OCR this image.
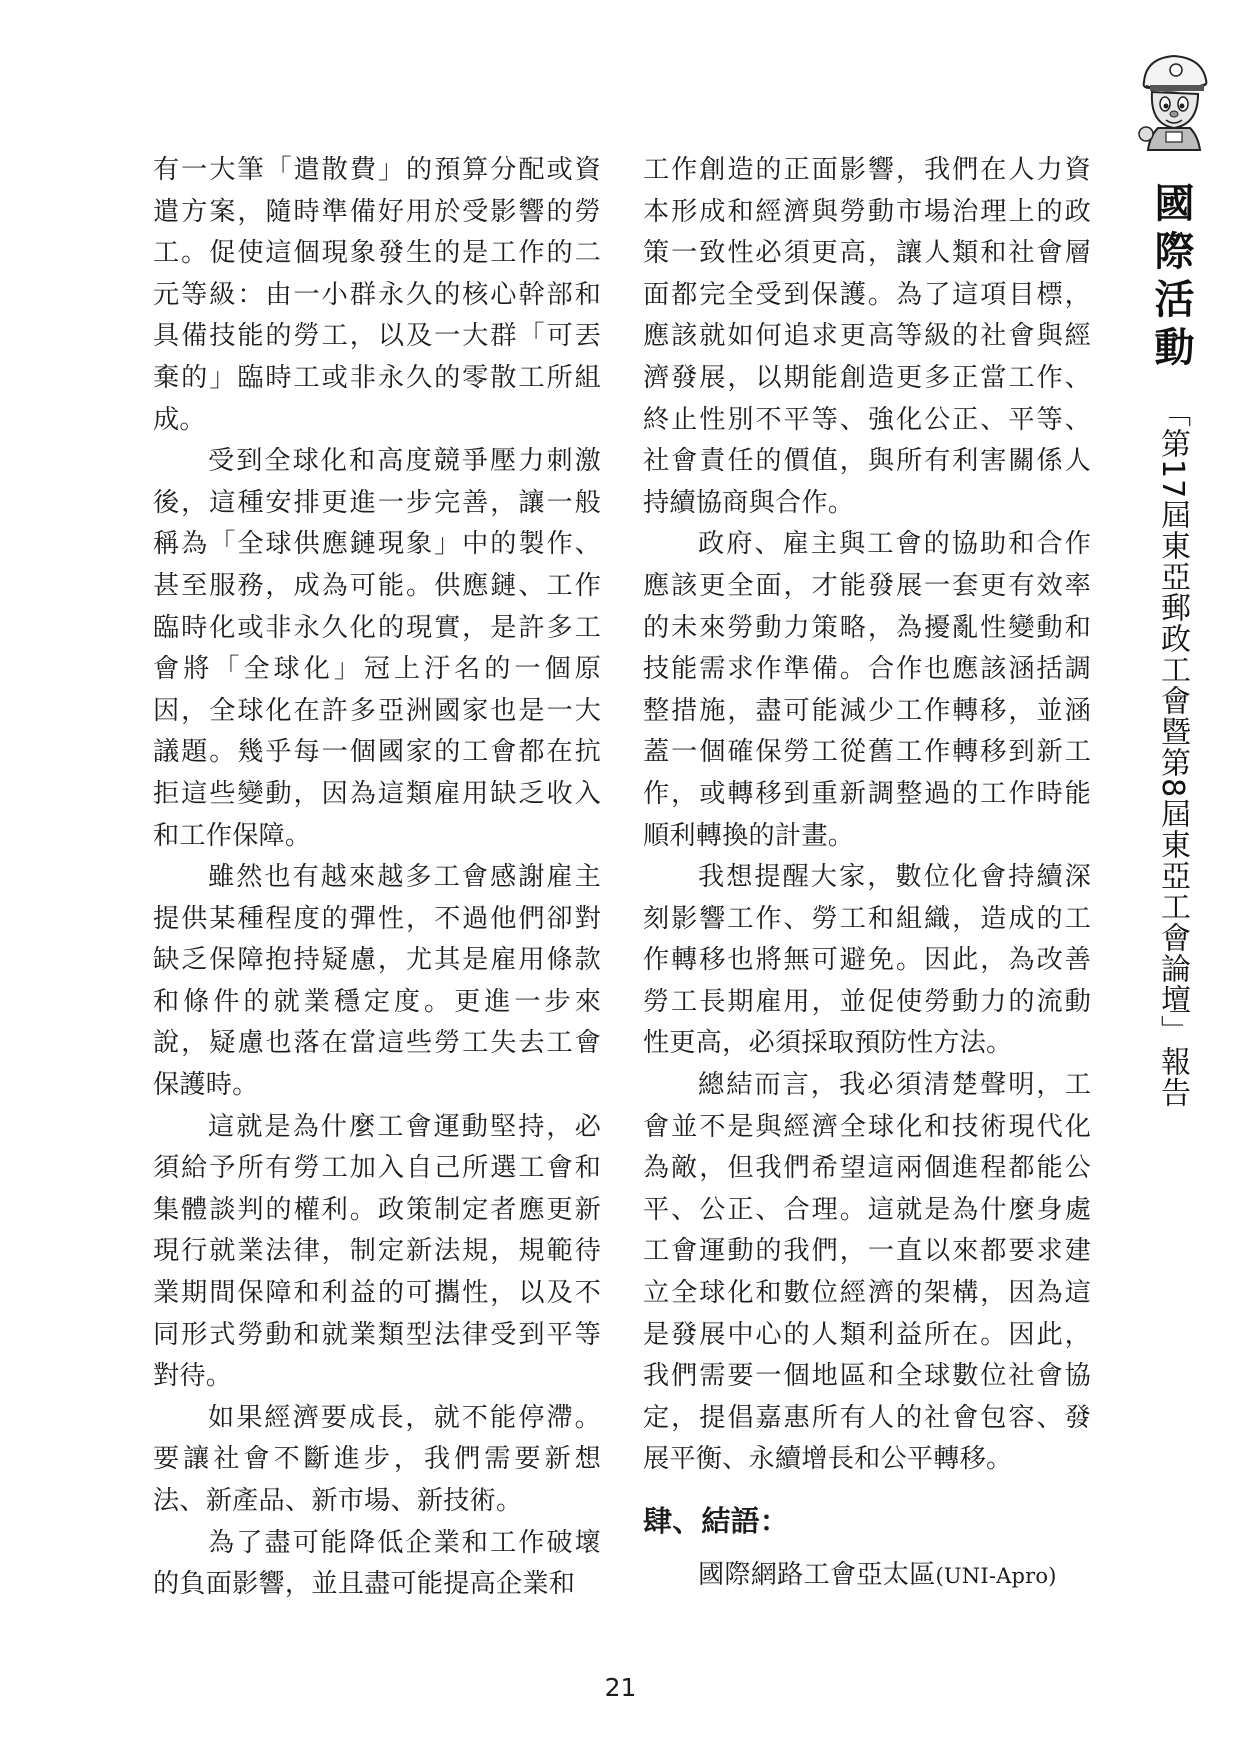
有一大筆「遣散費」的預算分配或資遣方案，隨時準備好用於受影響的勞工。促使這個現象發生的是工作的二元等級：由一小群永久的核心幹部和具備技能的勞工，以及一大群「可丟棄的」臨時工或非永久的零散工所組成。

受到全球化和高度競爭壓力刺激後，這種安排更進一步完善，讓一般稱為「全球供應鏈現象」中的製作、甚至服務，成為可能。供應鏈、工作臨時化或非永久化的現實，是許多工會將「全球化」冠上汙名的一個原因，全球化在許多亞洲國家也是一大議題。幾乎每一個國家的工會都在抗拒這些變動，因為這類雇用缺乏收入和工作保障。

雖然也有越來越多工會感謝雇主提供某種程度的彈性，不過他們卻對缺乏保障抱持疑慮，尤其是雇用條款和條件的就業穩定度。更進一步來說，疑慮也落在當這些勞工失去工會保護時。

這就是為什麼工會運動堅持，必須給予所有勞工加入自己所選工會和集體談判的權利。政策制定者應更新現行就業法律，制定新法規，規範待業期間保障和利益的可攜性，以及不同形式勞動和就業類型法律受到平等對待。

如果經濟要成長，就不能停滯。要讓社會不斷進步，我們需要新想法、新產品、新市場、新技術。

為了盡可能降低企業和工作破壞的負面影響，並且盡可能提高企業和

工作創造的正面影響，我們在人力資本形成和經濟與勞動市場治理上的政策一致性必須更高，讓人類和社會層面都完全受到保護。為了這項目標，應該就如何追求更高等級的社會與經濟發展，以期能創造更多正當工作、終止性別不平等、強化公正、平等、社會責任的價值，與所有利害關係人持續協商與合作。

政府、雇主與工會的協助和合作應該更全面，才能發展一套更有效率的未來勞動力策略，為擾亂性變動和技能需求作準備。合作也應該涵括調整措施，盡可能減少工作轉移，並涵蓋一個確保勞工從舊工作轉移到新工作，或轉移到重新調整過的工作時能順利轉換的計畫。

我想提醒大家，數位化會持續深刻影響工作、勞工和組織，造成的工作轉移也將無可避免。因此，為改善勞工長期雇用，並促使勞動力的流動性更高，必須採取預防性方法。

總結而言，我必須清楚聲明，工會並不是與經濟全球化和技術現代化為敵，但我們希望這兩個進程都能公平、公正、合理。這就是為什麼身處工會運動的我們，一直以來都要求建立全球化和數位經濟的架構，因為這是發展中心的人類利益所在。因此，我們需要一個地區和全球數位社會協定，提倡嘉惠所有人的社會包容、發展平衡、永續增長和公平轉移。

肆、結語：

國際網路工會亞太區(UNI-Apro)

國際活動
「第17屆東亞郵政工會暨第8屆東亞工會論壇」報告
21
